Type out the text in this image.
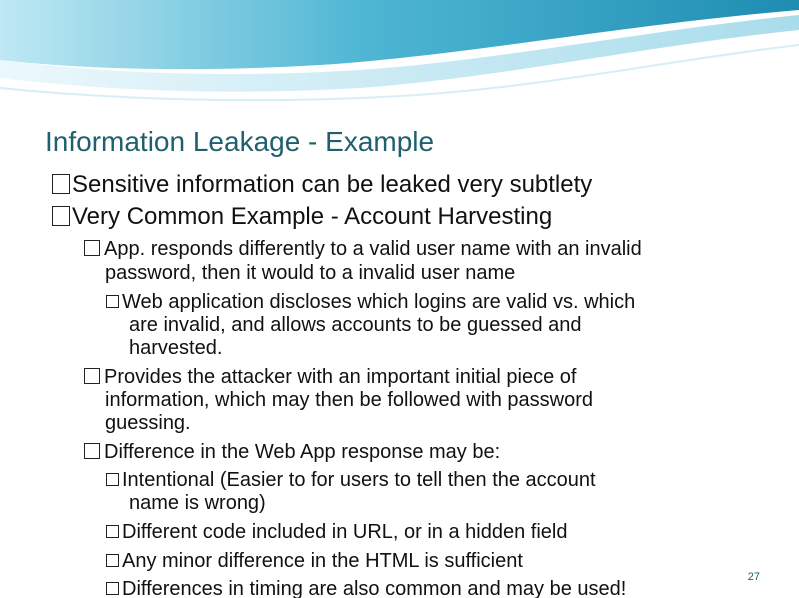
Information Leakage - Example
Sensitive information can be leaked very subtlety
Very Common Example - Account Harvesting
App. responds differently to a valid user name with an invalid
password, then it would to a invalid user name
Web application discloses which logins are valid vs. which
are invalid, and allows accounts to be guessed and
harvested.
Provides the attacker with an important initial piece of
information, which may then be followed with password
guessing.
Difference in the Web App response may be:
Intentional (Easier to for users to tell then the account
name is wrong)
Different code included in URL, or in a hidden field
Any minor difference in the HTML is sufficient
Differences in timing are also common and may be used!
27
